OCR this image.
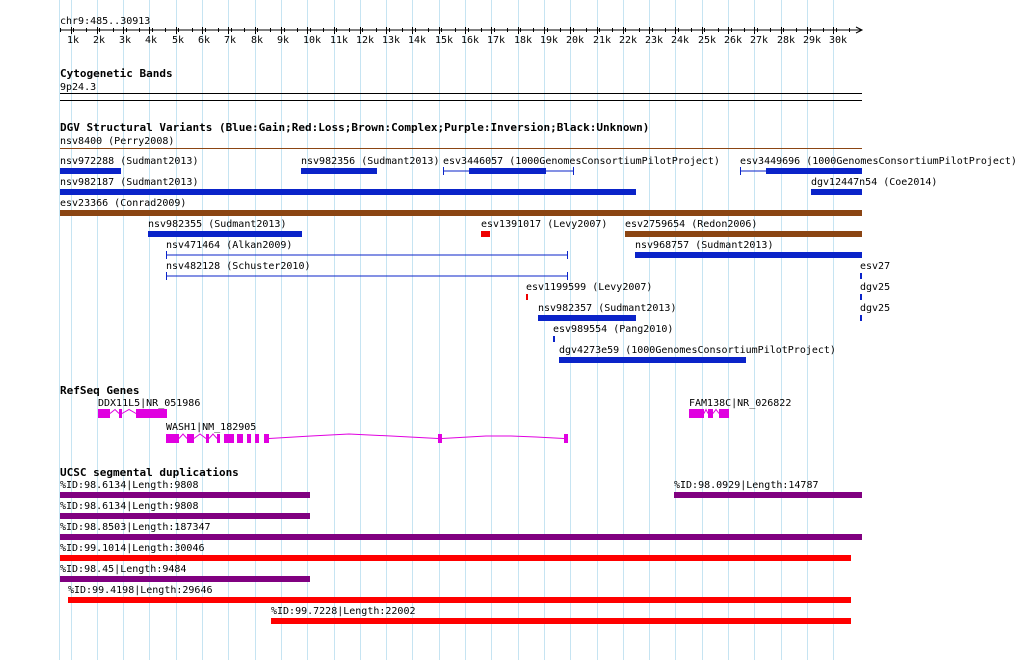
chr9:485..30913
1k 2k 3k 4k 5k 6k 7k 8k 9k 10k 11k 12k 13k 14k 15k 16k 17k 18k 19k 20k 21k 22k 23k 24k 25k 26k 27k 28k 29k 30k
Cytogenetic Bands
9p24.3
DGV Structural Variants (Blue:Gain;Red:Loss;Brown:Complex;Purple:Inversion;Black:Unknown)
nsv8400 (Perry2008)
nsv972288 (Sudmant2013)	nsv982356 (Sudmant2013) esv3446057 (1000GenomesConsortiumPilotProject) esv3449696 (1000GenomesConsortiumPilotProject)
nsv982187 (Sudmant2013)	dgv12447n54 (Coe2014)
esv23366 (Conrad2009)
nsv982355 (Sudmant2013)	esv1391017 (Levy2007) esv2759654 (Redon2006)
nsv471464 (Alkan2009)	nsv968757 (Sudmant2013)
nsv482128 (Schuster2010)	esv27
esv1199599 (Levy2007)	dgv25
nsv982357 (Sudmant2013)	dgv25
esv989554 (Pang2010)
dgv4273e59 (1000GenomesConsortiumPilotProject)
RefSeq Genes
DDX11L5|NR_051986	FAM138C|NR_026822
WASH1|NM_182905
UCSC segmental duplications
%ID:98.6134|Length:9808	%ID:98.0929|Length:14787
%ID:98.6134|Length:9808
%ID:98.8503|Length:187347
%ID:99.1014|Length:30046
%ID:98.45|Length:9484
%ID:99.4198|Length:29646
%ID:99.7228|Length:22002
